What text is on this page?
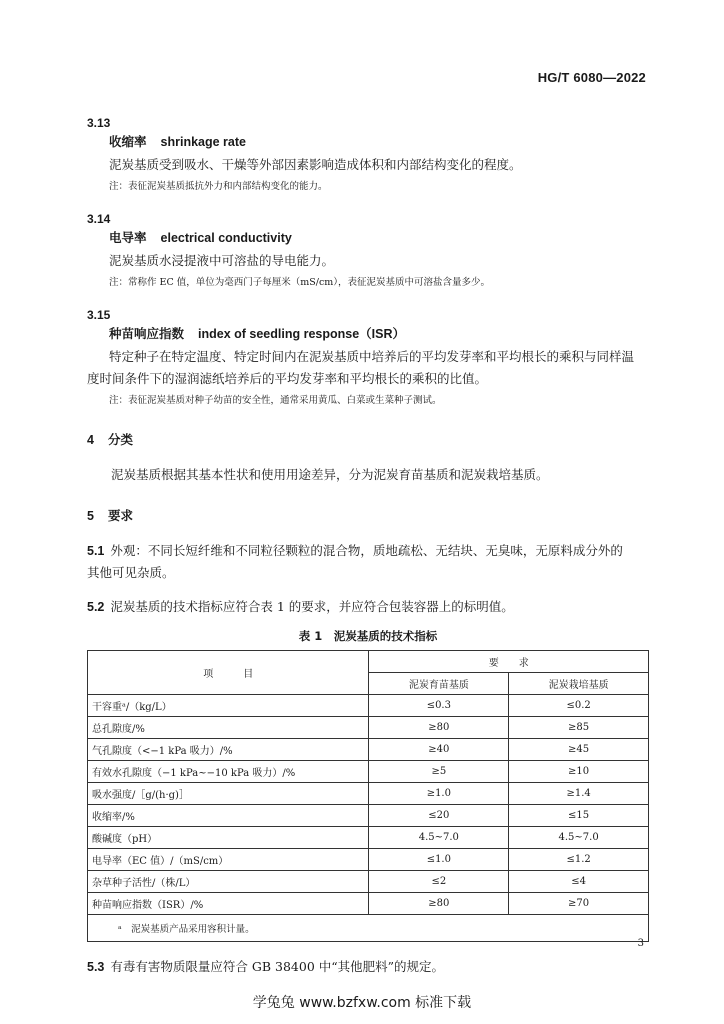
HG/T 6080—2022

3.13

收缩率 shrinkage rate

泥炭基质受到吸水、干燥等外部因素影响造成体积和内部结构变化的程度。

注：表征泥炭基质抵抗外力和内部结构变化的能力。

3.14

电导率 electrical conductivity

泥炭基质水浸提液中可溶盐的导电能力。

注：常称作 EC 值，单位为毫西门子每厘米（mS/cm），表征泥炭基质中可溶盐含量多少。

3.15

种苗响应指数 index of seedling response（ISR）

特定种子在特定温度、特定时间内在泥炭基质中培养后的平均发芽率和平均根长的乘积与同样温

度时间条件下的湿润滤纸培养后的平均发芽率和平均根长的乘积的比值。

注：表征泥炭基质对种子幼苗的安全性，通常采用黄瓜、白菜或生菜种子测试。

4 分类

泥炭基质根据其基本性状和使用用途差异，分为泥炭育苗基质和泥炭栽培基质。

5 要求

5.1 外观：不同长短纤维和不同粒径颗粒的混合物，质地疏松、无结块、无臭味，无原料成分外的

其他可见杂质。

5.2 泥炭基质的技术指标应符合表 1 的要求，并应符合包装容器上的标明值。

表 1　泥炭基质的技术指标
项　　　目	要　　求	
	泥炭育苗基质	泥炭栽培基质
干容重ᵃ/（kg/L）	≤0.3	≤0.2
总孔隙度/%	≥80	≥85
气孔隙度（<−1 kPa 吸力）/%	≥40	≥45
有效水孔隙度（−1 kPa~−10 kPa 吸力）/%	≥5	≥10
吸水强度/［g/(h·g)］	≥1.0	≥1.4
收缩率/%	≤20	≤15
酸碱度（pH）	4.5~7.0	4.5~7.0
电导率（EC 值）/（mS/cm）	≤1.0	≤1.2
杂草种子活性/（株/L）	≤2	≤4
种苗响应指数（ISR）/%	≥80	≥70
ᵃ　泥炭基质产品采用容积计量。		

5.3 有毒有害物质限量应符合 GB 38400 中“其他肥料”的规定。

3
学兔兔 www.bzfxw.com 标准下载
